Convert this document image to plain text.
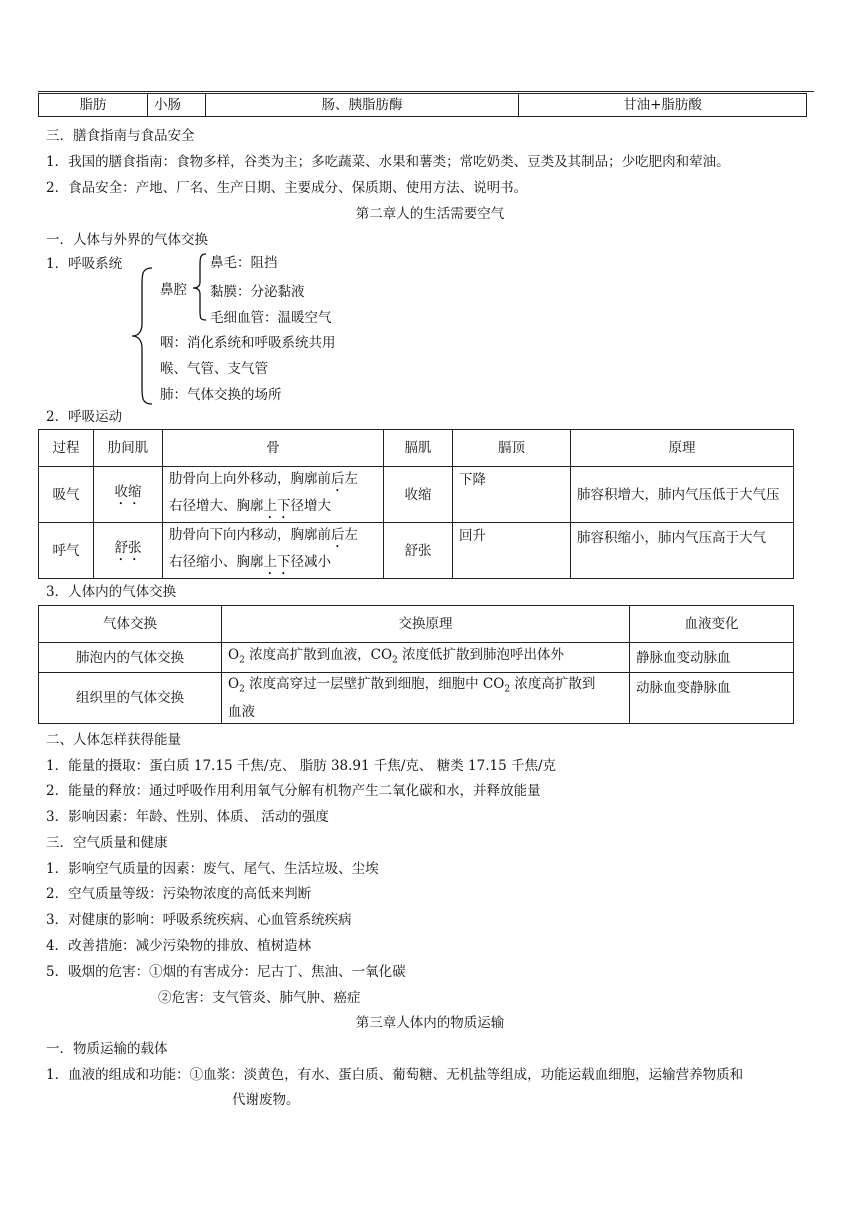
脂肪	小肠	肠、胰脂肪酶	甘油+脂肪酸
三．膳食指南与食品安全
1．我国的膳食指南：食物多样，谷类为主；多吃蔬菜、水果和薯类；常吃奶类、豆类及其制品；少吃肥肉和荤油。
2．食品安全：产地、厂名、生产日期、主要成分、保质期、使用方法、说明书。
第二章人的生活需要空气
一．人体与外界的气体交换
1．呼吸系统
鼻腔
鼻毛：阻挡
黏膜：分泌黏液
毛细血管：温暖空气
咽：消化系统和呼吸系统共用
喉、气管、支气管
肺：气体交换的场所
2．呼吸运动
过程	肋间肌	骨	膈肌	膈顶	原理
吸气	收缩	肋骨向上向外移动，胸廓前后左
右径增大、胸廓上下径增大	收缩	下降	肺容积增大，肺内气压低于大气压
呼气	舒张	肋骨向下向内移动，胸廓前后左
右径缩小、胸廓上下径减小	舒张	回升	肺容积缩小，肺内气压高于大气
3．人体内的气体交换
气体交换	交换原理	血液变化
肺泡内的气体交换	$O_2$ 浓度高扩散到血液，$CO_2$ 浓度低扩散到肺泡呼出体外	静脉血变动脉血
组织里的气体交换	$O_2$ 浓度高穿过一层壁扩散到细胞，细胞中 $CO_2$ 浓度高扩散到
血液	动脉血变静脉血
二、人体怎样获得能量
1．能量的摄取：蛋白质 17.15 千焦/克、 脂肪 38.91 千焦/克、 糖类 17.15 千焦/克
2．能量的释放：通过呼吸作用利用氧气分解有机物产生二氧化碳和水，并释放能量
3．影响因素：年龄、性别、体质、 活动的强度
三．空气质量和健康
1．影响空气质量的因素：废气、尾气、生活垃圾、尘埃
2．空气质量等级：污染物浓度的高低来判断
3．对健康的影响：呼吸系统疾病、心血管系统疾病
4．改善措施：减少污染物的排放、植树造林
5．吸烟的危害：①烟的有害成分：尼古丁、焦油、一氧化碳
②危害：支气管炎、肺气肿、癌症
第三章人体内的物质运输
一．物质运输的载体
1．血液的组成和功能：①血浆：淡黄色，有水、蛋白质、葡萄糖、无机盐等组成，功能运载血细胞，运输营养物质和
代谢废物。
